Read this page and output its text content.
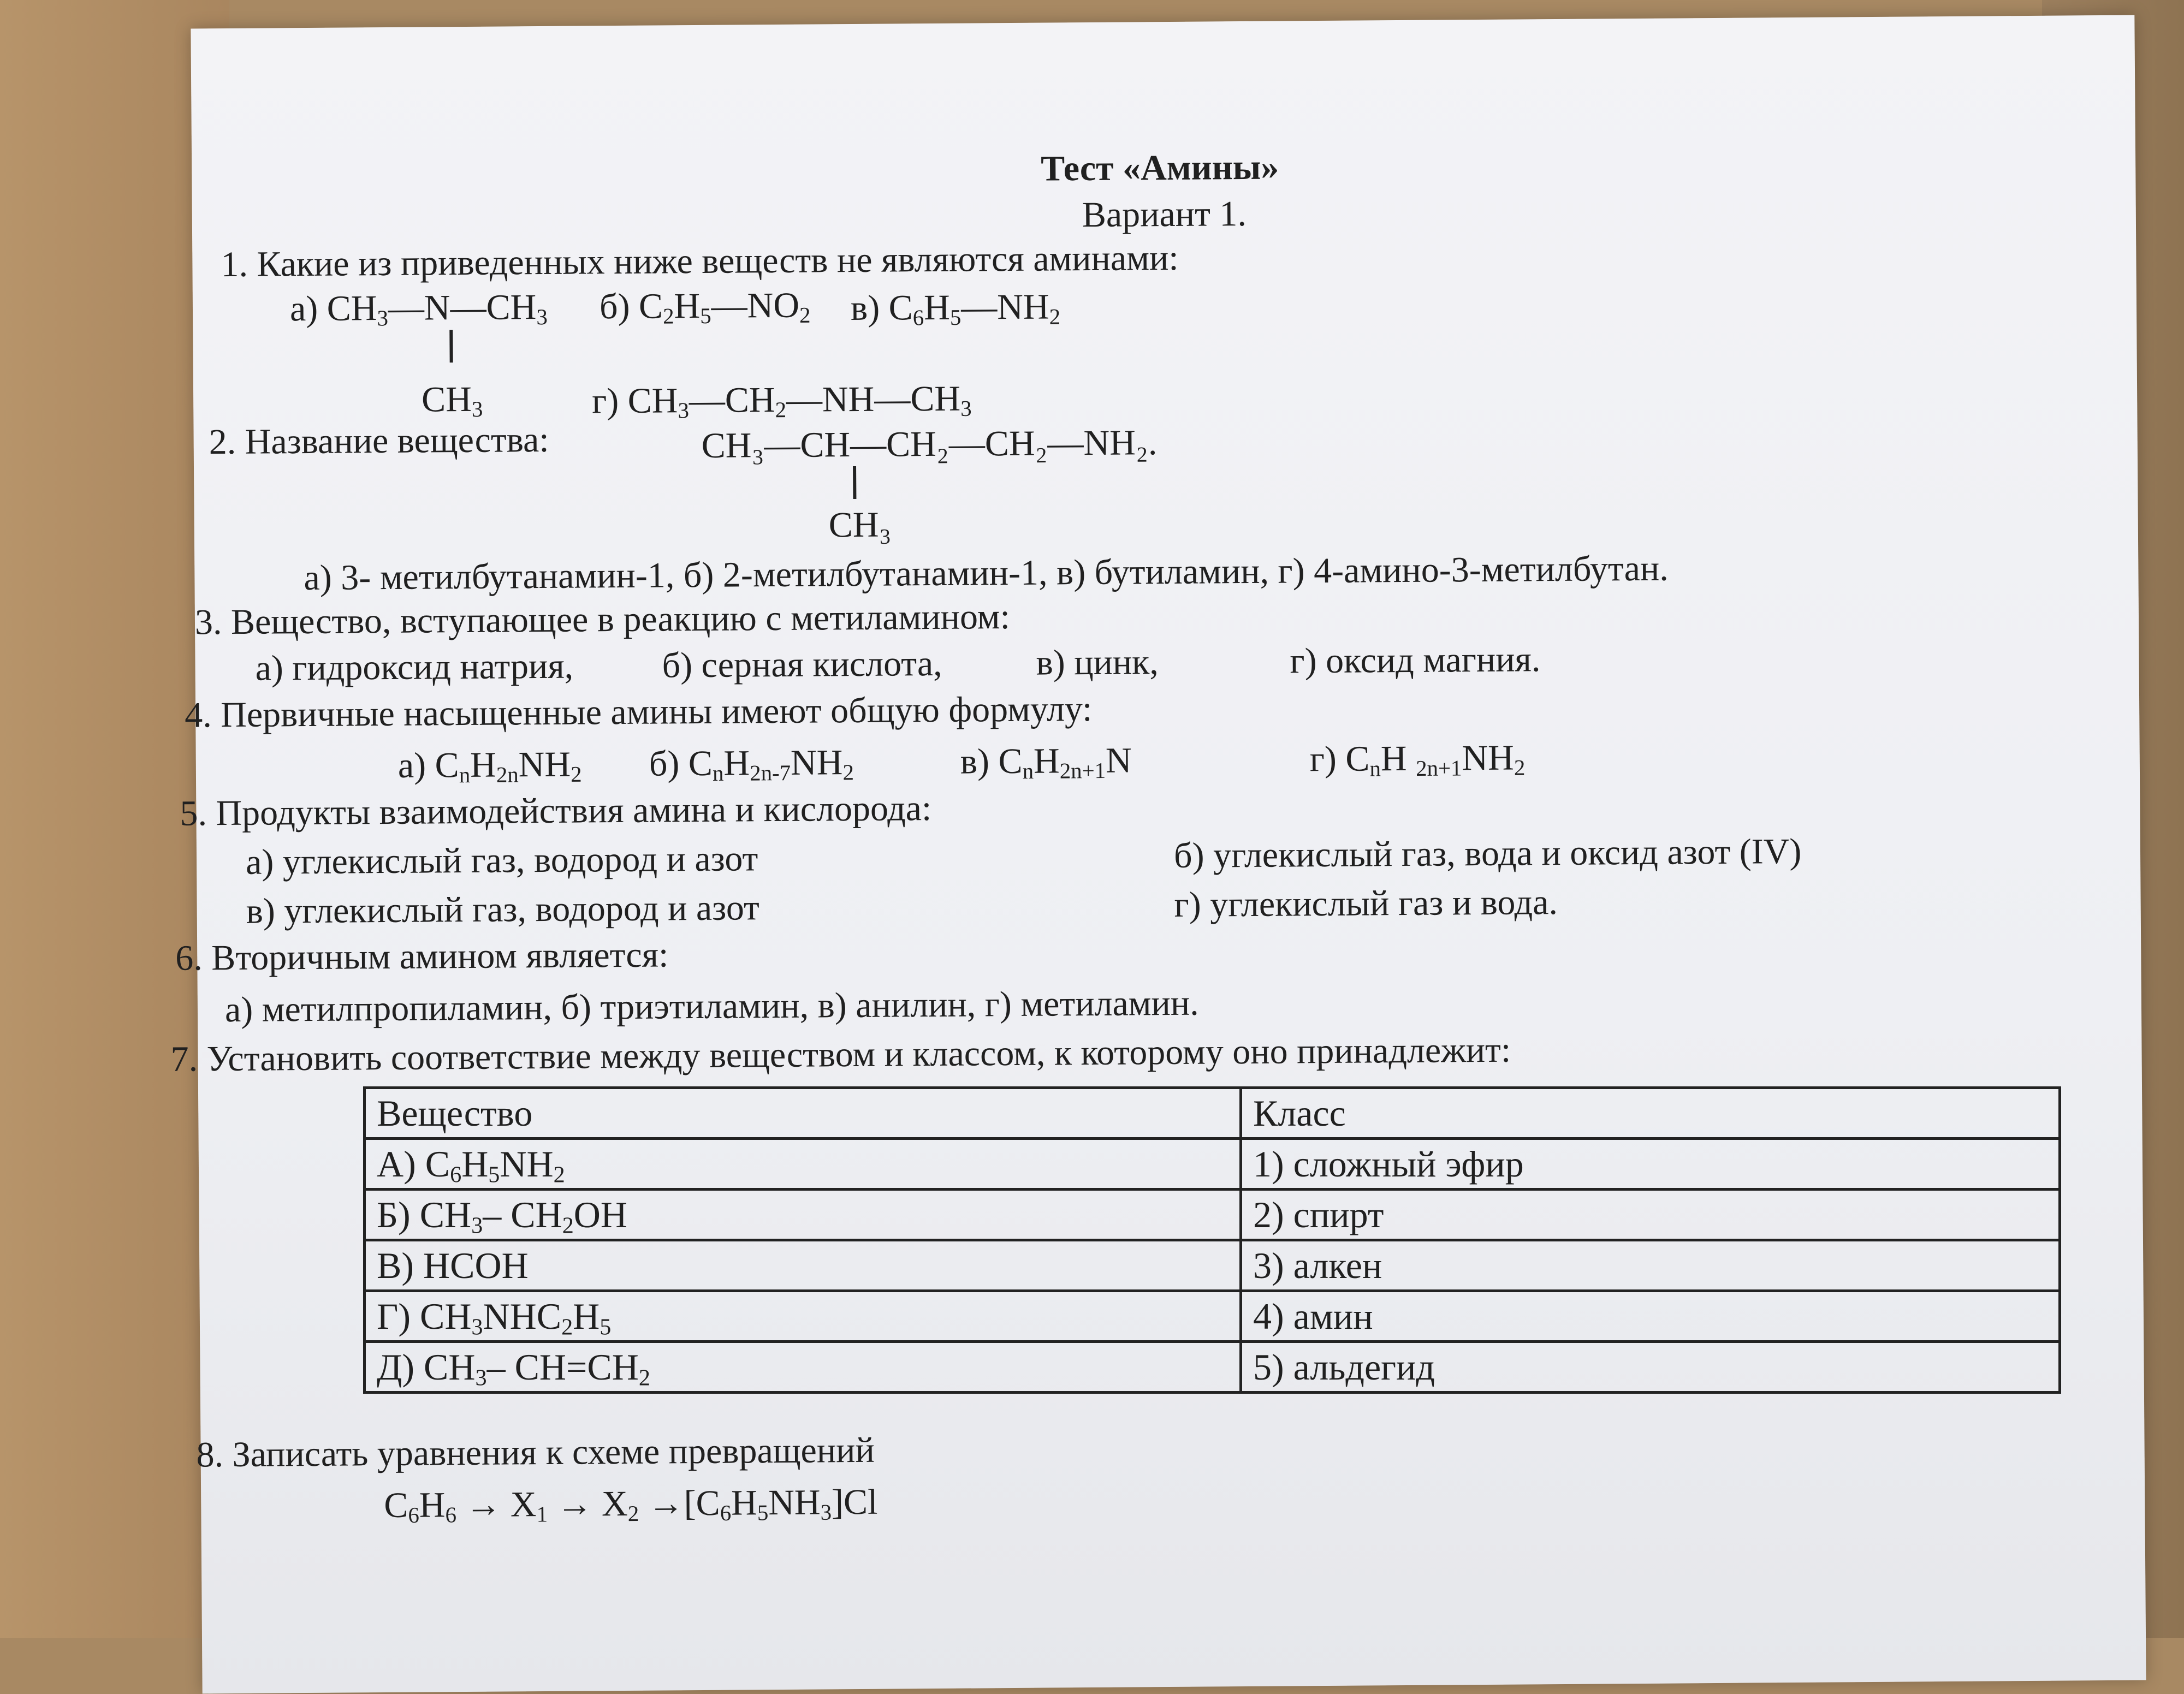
Тест «Амины»
Вариант 1.
1. Какие из приведенных ниже веществ не являются аминами:
а) $CH_3—N—CH_3$
$CH_3$
б) $C_2H_5—NO_2$ в) $C_6H_5—NH_2$
г) $CH_3—CH_2—NH—CH_3$
2. Название вещества:	CH₃—CH—CH₂—CH₂—NH₂.
CH₃
а) 3- метилбутанамин-1, б) 2-метилбутанамин-1, в) бутиламин, г) 4-амино-3-метилбутан.
3. Вещество, вступающее в реакцию с метиламином:
а) гидроксид натрия, б) серная кислота,	в) цинк,	г) оксид магния.
4. Первичные насыщенные амины имеют общую формулу:
а) $C_nH_{2n}NH_2$ б) $C_nH_{2n-7}NH_2$	в) $C_nH_{2n+1}N$	г) $C_nH$ $_{2n+1}NH_2$
5. Продукты взаимодействия амина и кислорода:
а) углекислый газ, водород и азот	б) углекислый газ, вода и оксид азот (IV)
в) углекислый газ, водород и азот	г) углекислый газ и вода.
6. Вторичным амином является:
а) метилпропиламин, б) триэтиламин, в) анилин, г) метиламин.
7. Установить соответствие между веществом и классом, к которому оно принадлежит:
8. Записать уравнения к схеме превращений
$C_6H_6 \to X_1 \to X_2 \to[C_6H_5NH_3]Cl$
Вещество	Класс
А) $C_6H_5NH_2$	1) сложный эфир
Б) $CH_3-$ $CH_2OH$	2) спирт
В) HCOH	3) алкен
Г) $CH_3NHC_2H_5$	4) амин
Д) $CH_3-$ $CH=CH_2$	5) альдегид
